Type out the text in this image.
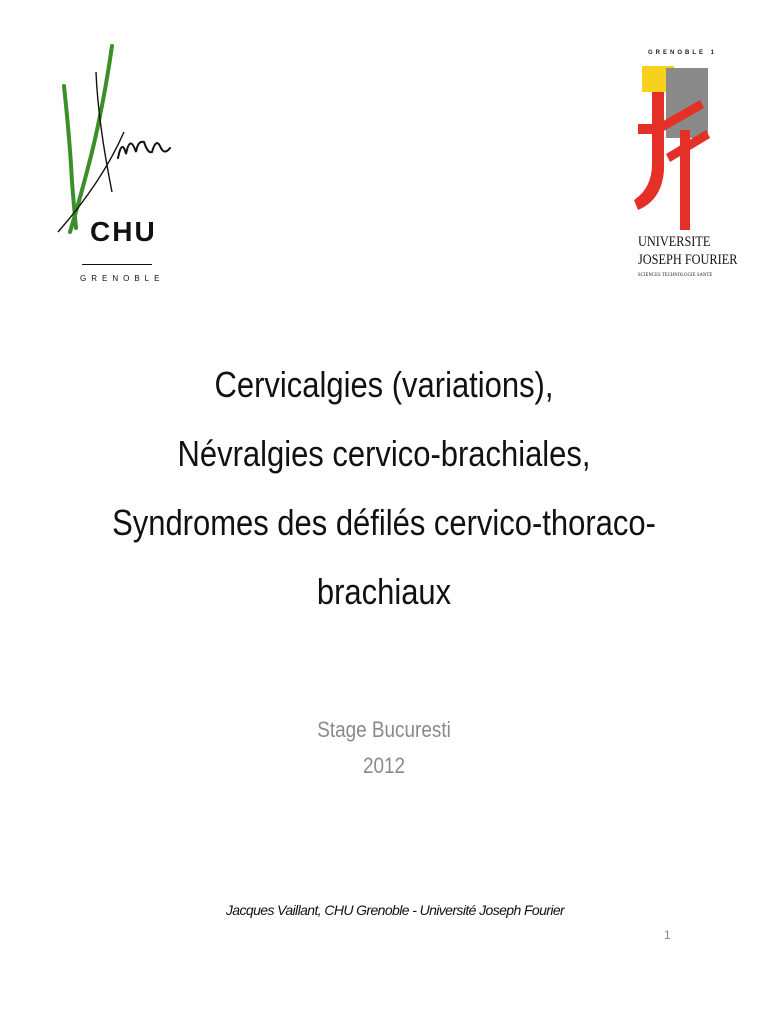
CHU
GRENOBLE
GRENOBLE 1
UNIVERSITE
JOSEPH FOURIER
SCIENCES TECHNOLOGIE SANTÉ
Cervicalgies (variations),
Névralgies cervico-brachiales,
Syndromes des défilés cervico-thoraco-
brachiaux
Stage Bucuresti
2012
Jacques Vaillant, CHU Grenoble - Université Joseph Fourier
1
